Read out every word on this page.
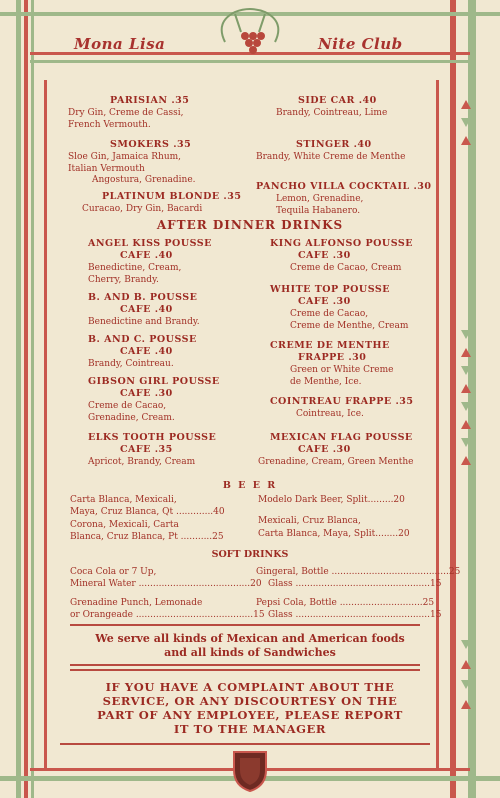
Mona Lisa	Nite Club
PARISIAN .35
Dry Gin, Creme de Cassi,
French Vermouth.
SMOKERS .35
Sloe Gin, Jamaica Rhum,
Italian Vermouth
Angostura, Grenadine.
PLATINUM BLONDE .35
Curacao, Dry Gin, Bacardi
SIDE CAR .40
Brandy, Cointreau, Lime
STINGER .40
Brandy, White Creme de Menthe
PANCHO VILLA COCKTAIL .30
Lemon, Grenadine,
Tequila Habanero.
AFTER DINNER DRINKS
ANGEL KISS POUSSE
CAFE .40
Benedictine, Cream,
Cherry, Brandy.
B. AND B. POUSSE
CAFE .40
Benedictine and Brandy.
B. AND C. POUSSE
CAFE .40
Brandy, Cointreau.
GIBSON GIRL POUSSE
CAFE .30
Creme de Cacao,
Grenadine, Cream.
ELKS TOOTH POUSSE
CAFE .35
Apricot, Brandy, Cream
KING ALFONSO POUSSE
CAFE .30
Creme de Cacao, Cream
WHITE TOP POUSSE
CAFE .30
Creme de Cacao,
Creme de Menthe, Cream
CREME DE MENTHE
FRAPPE .30
Green or White Creme
de Menthe, Ice.
COINTREAU FRAPPE .35
Cointreau, Ice.
MEXICAN FLAG POUSSE
CAFE .30
Grenadine, Cream, Green Menthe
B E E R
Carta Blanca, Mexicali,
Maya, Cruz Blanca, Qt .............40
Corona, Mexicali, Carta
Blanca, Cruz Blanca, Pt ...........25
Modelo Dark Beer, Split.........20
Mexicali, Cruz Blanca,
Carta Blanca, Maya, Split........20
SOFT DRINKS
Coca Cola or 7 Up,
Mineral Water .......................................20
Grenadine Punch, Lemonade
or Orangeade .........................................15
Gingeral, Bottle .........................................25
Glass ...............................................15
Pepsi Cola, Bottle .............................25
Glass ...............................................15
We serve all kinds of Mexican and American foods
and all kinds of Sandwiches
IF YOU HAVE A COMPLAINT ABOUT THE
SERVICE, OR ANY DISCOURTESY ON THE
PART OF ANY EMPLOYEE, PLEASE REPORT
IT TO THE MANAGER
